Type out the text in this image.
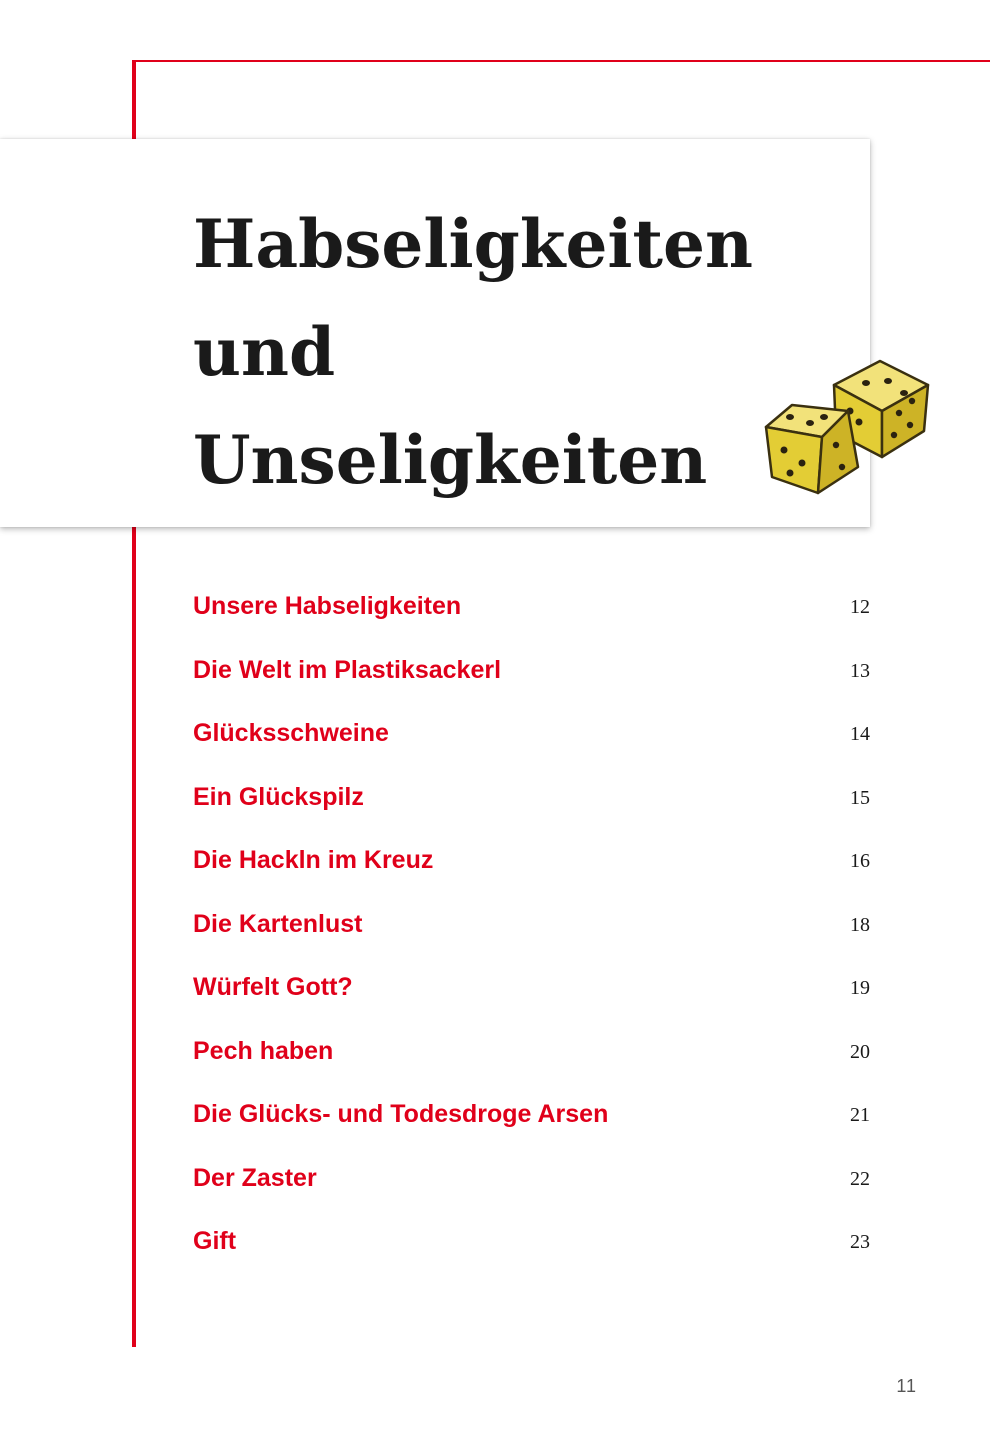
Habseligkeiten
und
Unseligkeiten
Unsere Habseligkeiten	12
Die Welt im Plastiksackerl	13
Glücksschweine	14
Ein Glückspilz	15
Die Hackln im Kreuz	16
Die Kartenlust	18
Würfelt Gott?	19
Pech haben	20
Die Glücks- und Todesdroge Arsen	21
Der Zaster	22
Gift	23
11
